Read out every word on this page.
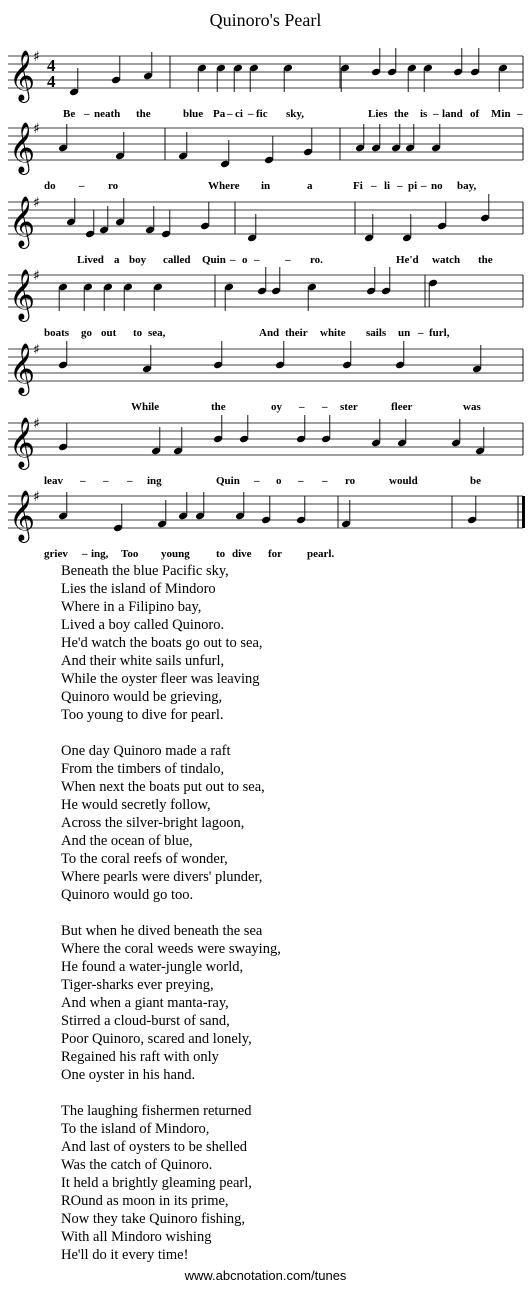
Quinoro's Pearl
𝄞
♯ 4
4
Be – neath the	blue Pa – ci – fic sky,	Lies the is – land of Min –
𝄞
♯
do – ro	Where in	a	Fi – li – pi – no bay,
𝄞
♯
Lived a boy called Quin – o – – ro.	He'd watch the
𝄞
♯
boats go out to sea,	And their white sails un – furl,
𝄞
♯
While	the	oy – – ster	fleer	was
𝄞
♯
leav – – – ing	Quin – o – – ro	would	be
𝄞
♯
griev – ing, Too young to dive for pearl.
Beneath the blue Pacific sky,
Lies the island of Mindoro
Where in a Filipino bay,
Lived a boy called Quinoro.
He'd watch the boats go out to sea,
And their white sails unfurl,
While the oyster fleer was leaving
Quinoro would be grieving,
Too young to dive for pearl.
One day Quinoro made a raft
From the timbers of tindalo,
When next the boats put out to sea,
He would secretly follow,
Across the silver-bright lagoon,
And the ocean of blue,
To the coral reefs of wonder,
Where pearls were divers' plunder,
Quinoro would go too.
But when he dived beneath the sea
Where the coral weeds were swaying,
He found a water-jungle world,
Tiger-sharks ever preying,
And when a giant manta-ray,
Stirred a cloud-burst of sand,
Poor Quinoro, scared and lonely,
Regained his raft with only
One oyster in his hand.
The laughing fishermen returned
To the island of Mindoro,
And last of oysters to be shelled
Was the catch of Quinoro.
It held a brightly gleaming pearl,
ROund as moon in its prime,
Now they take Quinoro fishing,
With all Mindoro wishing
He'll do it every time!
www.abcnotation.com/tunes
